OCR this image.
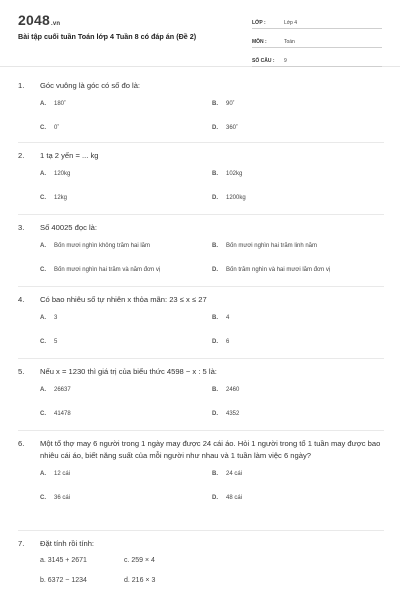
2048.vn
Bài tập cuối tuần Toán lớp 4 Tuần 8 có đáp án (Đề 2)
LỚP :	Lớp 4
MÔN :	Toán
SỐ CÂU :	9
1.	Góc vuông là góc có số đo là:
A.	180˚	B.	90˚
C.	0˚	D.	360˚
2.	1 tạ 2 yến = ... kg
A.	120kg	B.	102kg
C.	12kg	D.	1200kg
3.	Số 40025 đọc là:
A.	Bốn mươi nghìn không trăm hai lăm	B.	Bốn mươi nghìn hai trăm linh năm
C.	Bốn mươi nghìn hai trăm và năm đơn vị	D.	Bốn trăm nghìn và hai mươi lăm đơn vị
4.	Có bao nhiêu số tự nhiên x thỏa mãn: 23 ≤ x ≤ 27
A.	3	B.	4
C.	5	D.	6
5.	Nếu x = 1230 thì giá trị của biểu thức 4598 − x : 5 là:
A.	26637	B.	2460
C.	41478	D.	4352
6.	Một tổ thợ may 6 người trong 1 ngày may được 24 cái áo. Hỏi 1 người trong tổ 1 tuần may được bao nhiêu cái áo, biết năng suất của mỗi người như nhau và 1 tuần làm việc 6 ngày?
A.	12 cái	B.	24 cái
C.	36 cái	D.	48 cái
7.	Đặt tính rồi tính:
a. 3145 + 2671	c. 259 × 4
b. 6372 − 1234	d. 216 × 3
